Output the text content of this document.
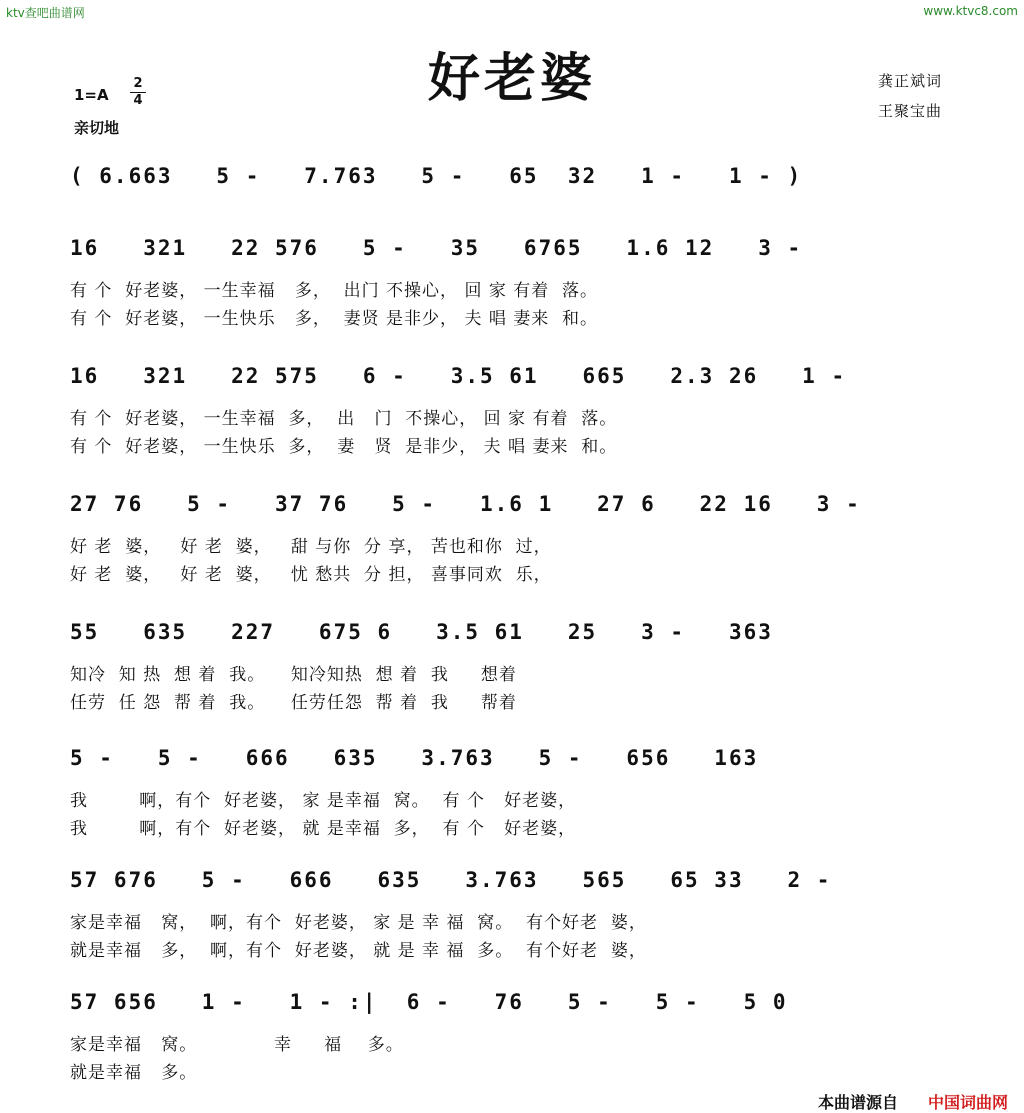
ktv查吧曲谱网	www.ktvc8.com
好老婆
$1=A \frac{2}{4}$
亲切地
龚正斌词
王聚宝曲
( 6.663   5 -   7.763   5 -   65  32   1 -   1 - )
16   321   22 576   5 -   35   6765   1.6 12   3 -
有 个  好老婆， 一生幸福   多，  出门 不操心， 回 家 有着  落。
有 个  好老婆， 一生快乐   多，  妻贤 是非少， 夫 唱 妻来  和。
16   321   22 575   6 -   3.5 61   665   2.3 26   1 -
有 个  好老婆， 一生幸福  多，  出   门  不操心， 回 家 有着  落。
有 个  好老婆， 一生快乐  多，  妻   贤  是非少， 夫 唱 妻来  和。
27 76   5 -   37 76   5 -   1.6 1   27 6   22 16   3 -
好 老  婆，   好 老  婆，   甜 与你  分 享， 苦也和你  过，
好 老  婆，   好 老  婆，   忧 愁共  分 担， 喜事同欢  乐，
55   635   227   675 6   3.5 61   25   3 -   363
知冷  知 热  想 着  我。    知冷知热  想 着  我     想着
任劳  任 怨  帮 着  我。    任劳任怨  帮 着  我     帮着
5 -   5 -   666   635   3.763   5 -   656   163
我        啊，有个  好老婆， 家 是幸福  窝。  有 个   好老婆，
我        啊，有个  好老婆， 就 是幸福  多，  有 个   好老婆，
57 676   5 -   666   635   3.763   565   65 33   2 -
家是幸福   窝，  啊，有个  好老婆， 家 是 幸 福  窝。  有个好老  婆，
就是幸福   多，  啊，有个  好老婆， 就 是 幸 福  多。  有个好老  婆，
57 656   1 -   1 - :|  6 -   76   5 -   5 -   5 0
家是幸福   窝。            幸     福    多。
就是幸福   多。
本曲谱源自 中国词曲网
